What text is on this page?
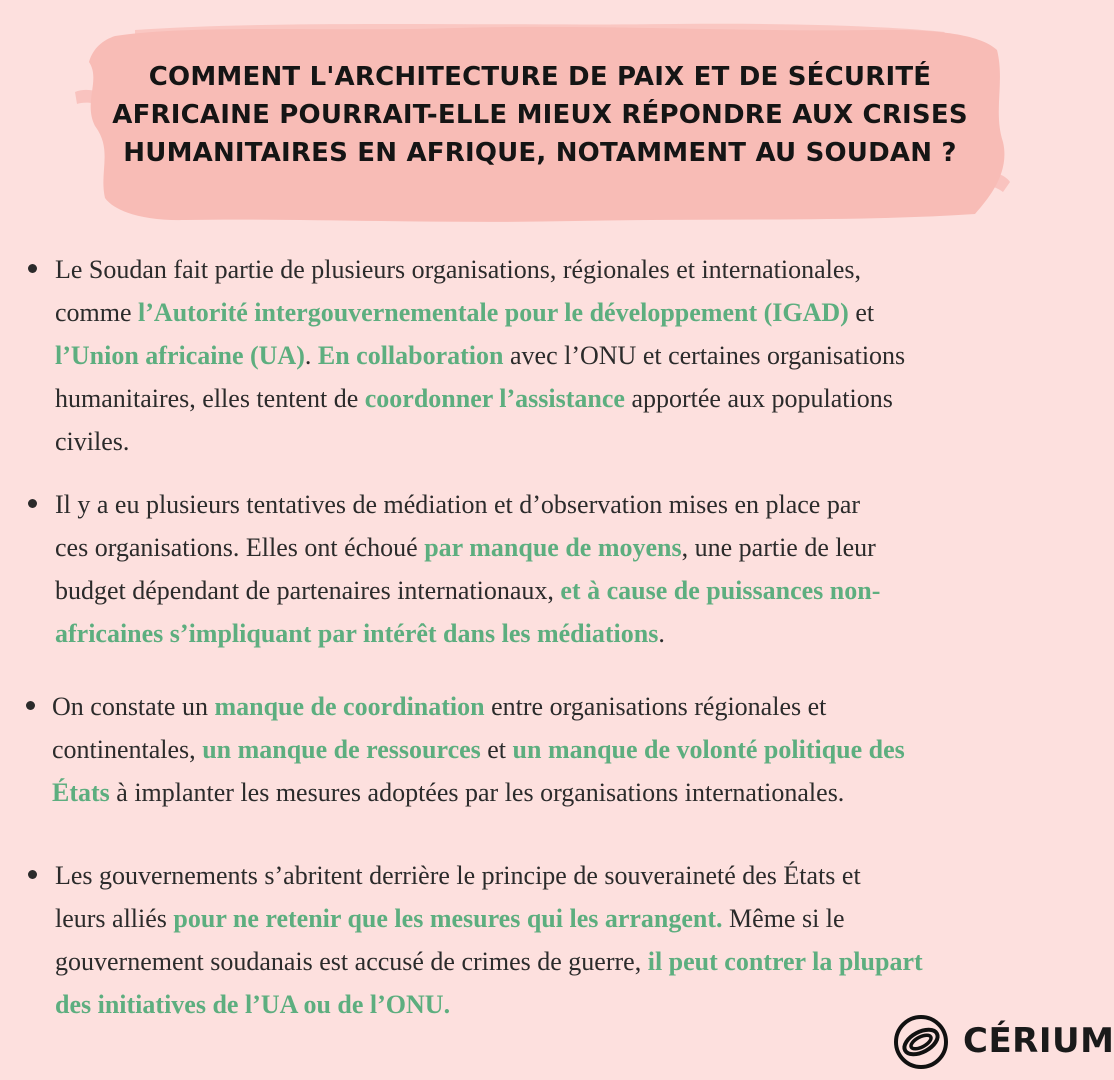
COMMENT L'ARCHITECTURE DE PAIX ET DE SÉCURITÉ
AFRICAINE POURRAIT-ELLE MIEUX RÉPONDRE AUX CRISES
HUMANITAIRES EN AFRIQUE, NOTAMMENT AU SOUDAN ?

Le Soudan fait partie de plusieurs organisations, régionales et internationales,
comme l’Autorité intergouvernementale pour le développement (IGAD) et
l’Union africaine (UA). En collaboration avec l’ONU et certaines organisations
humanitaires, elles tentent de coordonner l’assistance apportée aux populations
civiles.

Il y a eu plusieurs tentatives de médiation et d’observation mises en place par
ces organisations. Elles ont échoué par manque de moyens, une partie de leur
budget dépendant de partenaires internationaux, et à cause de puissances non-
africaines s’impliquant par intérêt dans les médiations.

On constate un manque de coordination entre organisations régionales et
continentales, un manque de ressources et un manque de volonté politique des
États à implanter les mesures adoptées par les organisations internationales.

Les gouvernements s’abritent derrière le principe de souveraineté des États et
leurs alliés pour ne retenir que les mesures qui les arrangent. Même si le
gouvernement soudanais est accusé de crimes de guerre, il peut contrer la plupart
des initiatives de l’UA ou de l’ONU.

CÉRIUM
